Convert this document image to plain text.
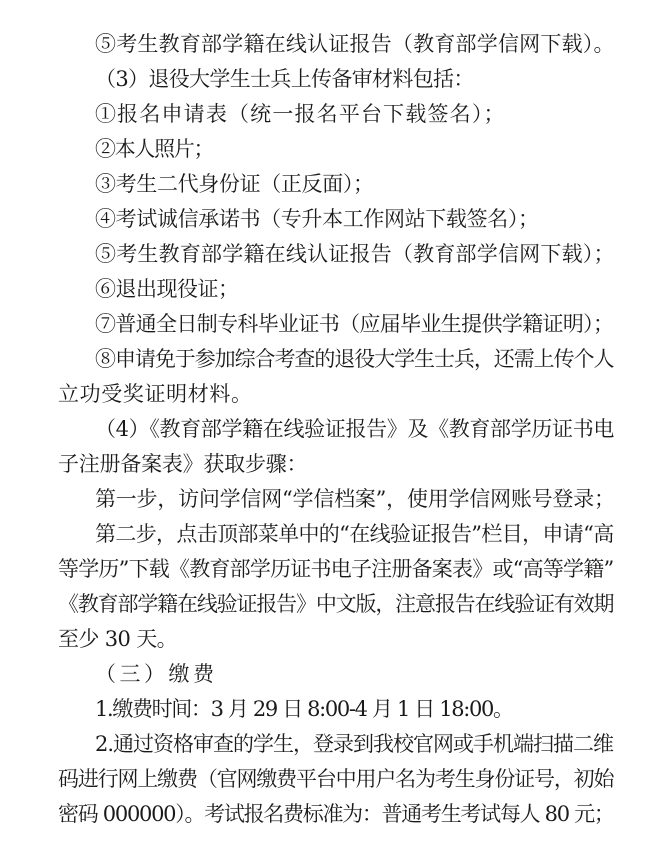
⑤考生教育部学籍在线认证报告（教育部学信网下载）。
（3）退役大学生士兵上传备审材料包括：
①报名申请表（统一报名平台下载签名）；
②本人照片；
③考生二代身份证（正反面）；
④考试诚信承诺书（专升本工作网站下载签名）；
⑤考生教育部学籍在线认证报告（教育部学信网下载）；
⑥退出现役证；
⑦普通全日制专科毕业证书（应届毕业生提供学籍证明）；
⑧申请免于参加综合考查的退役大学生士兵，还需上传个人
立功受奖证明材料。
（4）《教育部学籍在线验证报告》及《教育部学历证书电
子注册备案表》获取步骤：
第一步，访问学信网“学信档案”，使用学信网账号登录；
第二步，点击顶部菜单中的“在线验证报告”栏目，申请“高
等学历”下载《教育部学历证书电子注册备案表》或“高等学籍”
《教育部学籍在线验证报告》中文版，注意报告在线验证有效期
至少 30 天。
（三）缴费
1.缴费时间：3 月 29 日 8:00-4 月 1 日 18:00。
2.通过资格审查的学生，登录到我校官网或手机端扫描二维
码进行网上缴费（官网缴费平台中用户名为考生身份证号，初始
密码 000000）。考试报名费标准为：普通考生考试每人 80 元；
